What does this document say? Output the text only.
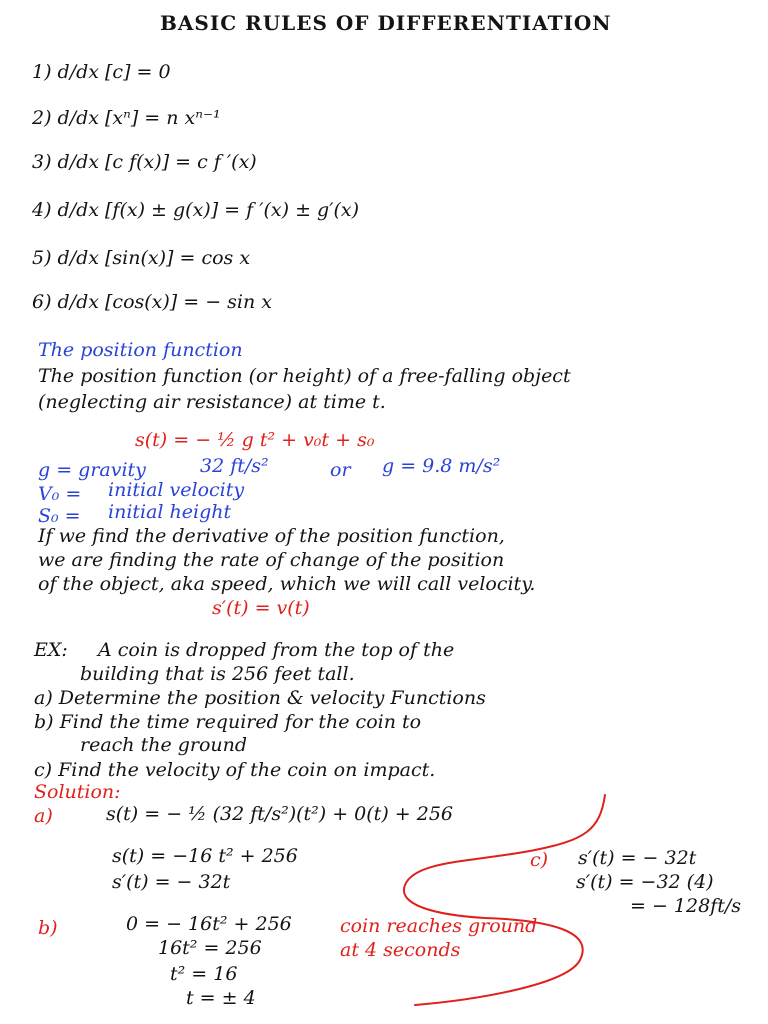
BASIC RULES OF DIFFERENTIATION
1) d/dx [c] = 0
2) d/dx [xⁿ] = n xⁿ⁻¹
3) d/dx [c f(x)] = c f ′(x)
4) d/dx [f(x) ± g(x)] = f ′(x) ± g′(x)
5) d/dx [sin(x)] = cos x
6) d/dx [cos(x)] = − sin x
The position function
The position function (or height) of a free-falling object
(neglecting air resistance) at time t.
s(t) = − ½ g t² + v₀t + s₀
g = gravity	32 ft/s²	or g = 9.8 m/s²
V₀ = initial velocity
S₀ = initial height
If we find the derivative of the position function,
we are finding the rate of change of the position
of the object, aka speed, which we will call velocity.
s′(t) = v(t)
EX: A coin is dropped from the top of the
building that is 256 feet tall.
a) Determine the position & velocity Functions
b) Find the time required for the coin to
reach the ground
c) Find the velocity of the coin on impact.
Solution:
a)	s(t) = − ½ (32 ft/s²)(t²) + 0(t) + 256
s(t) = −16 t² + 256
s′(t) = − 32t
c) s′(t) = − 32t
s′(t) = −32 (4)
= − 128ft/s
b)	0 = − 16t² + 256
16t² = 256
t² = 16
t = ± 4
coin reaches ground
at 4 seconds
